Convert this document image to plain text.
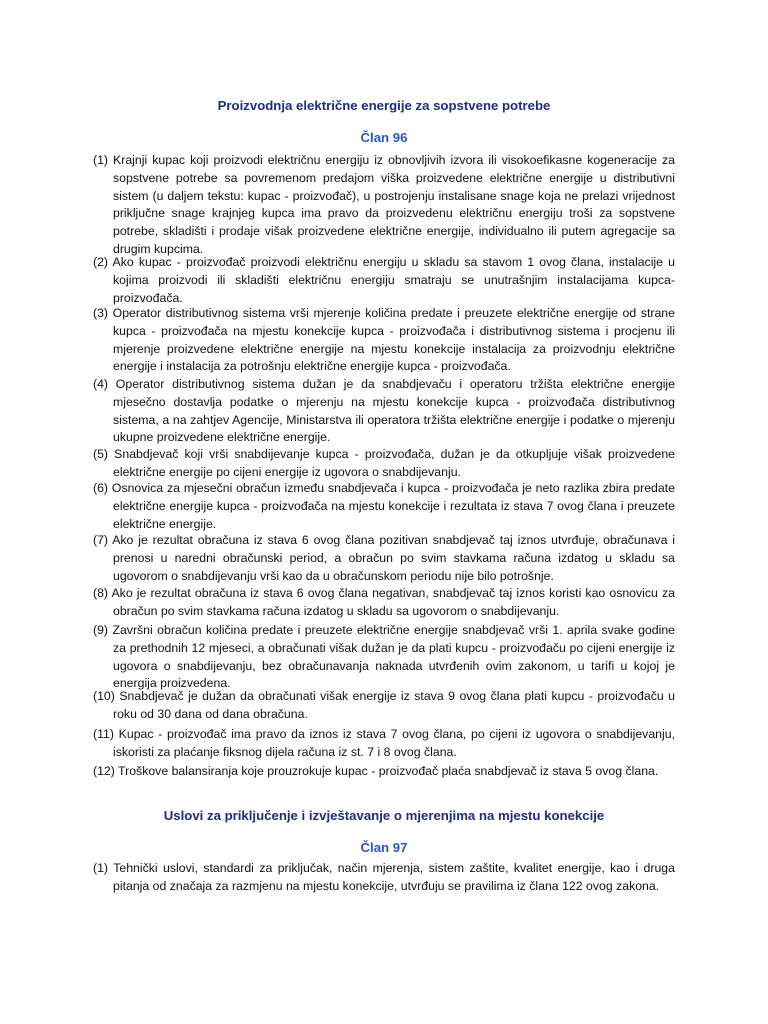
Proizvodnja električne energije za sopstvene potrebe
Član 96
(1) Krajnji kupac koji proizvodi električnu energiju iz obnovljivih izvora ili visokoefikasne kogeneracije za sopstvene potrebe sa povremenom predajom viška proizvedene električne energije u distributivni sistem (u daljem tekstu: kupac - proizvođač), u postrojenju instalisane snage koja ne prelazi vrijednost priključne snage krajnjeg kupca ima pravo da proizvedenu električnu energiju troši za sopstvene potrebe, skladišti i prodaje višak proizvedene električne energije, individualno ili putem agregacije sa drugim kupcima.
(2) Ako kupac - proizvođač proizvodi električnu energiju u skladu sa stavom 1 ovog člana, instalacije u kojima proizvodi ili skladišti električnu energiju smatraju se unutrašnjim instalacijama kupca-proizvođača.
(3) Operator distributivnog sistema vrši mjerenje količina predate i preuzete električne energije od strane kupca - proizvođača na mjestu konekcije kupca - proizvođača i distributivnog sistema i procjenu ili mjerenje proizvedene električne energije na mjestu konekcije instalacija za proizvodnju električne energije i instalacija za potrošnju električne energije kupca - proizvođača.
(4) Operator distributivnog sistema dužan je da snabdjevaču i operatoru tržišta električne energije mjesečno dostavlja podatke o mjerenju na mjestu konekcije kupca - proizvođača distributivnog sistema, a na zahtjev Agencije, Ministarstva ili operatora tržišta električne energije i podatke o mjerenju ukupne proizvedene električne energije.
(5) Snabdjevač koji vrši snabdijevanje kupca - proizvođača, dužan je da otkupljuje višak proizvedene električne energije po cijeni energije iz ugovora o snabdijevanju.
(6) Osnovica za mjesečni obračun između snabdjevača i kupca - proizvođača je neto razlika zbira predate električne energije kupca - proizvođača na mjestu konekcije i rezultata iz stava 7 ovog člana i preuzete električne energije.
(7) Ako je rezultat obračuna iz stava 6 ovog člana pozitivan snabdjevač taj iznos utvrđuje, obračunava i prenosi u naredni obračunski period, a obračun po svim stavkama računa izdatog u skladu sa ugovorom o snabdijevanju vrši kao da u obračunskom periodu nije bilo potrošnje.
(8) Ako je rezultat obračuna iz stava 6 ovog člana negativan, snabdjevač taj iznos koristi kao osnovicu za obračun po svim stavkama računa izdatog u skladu sa ugovorom o snabdijevanju.
(9) Završni obračun količina predate i preuzete električne energije snabdjevač vrši 1. aprila svake godine za prethodnih 12 mjeseci, a obračunati višak dužan je da plati kupcu - proizvođaču po cijeni energije iz ugovora o snabdijevanju, bez obračunavanja naknada utvrđenih ovim zakonom, u tarifi u kojoj je energija proizvedena.
(10) Snabdjevač je dužan da obračunati višak energije iz stava 9 ovog člana plati kupcu - proizvođaču u roku od 30 dana od dana obračuna.
(11) Kupac - proizvođač ima pravo da iznos iz stava 7 ovog člana, po cijeni iz ugovora o snabdijevanju, iskoristi za plaćanje fiksnog dijela računa iz st. 7 i 8 ovog člana.
(12) Troškove balansiranja koje prouzrokuje kupac - proizvođač plaća snabdjevač iz stava 5 ovog člana.
Uslovi za priključenje i izvještavanje o mjerenjima na mjestu konekcije
Član 97
(1) Tehnički uslovi, standardi za priključak, način mjerenja, sistem zaštite, kvalitet energije, kao i druga pitanja od značaja za razmjenu na mjestu konekcije, utvrđuju se pravilima iz člana 122 ovog zakona.
